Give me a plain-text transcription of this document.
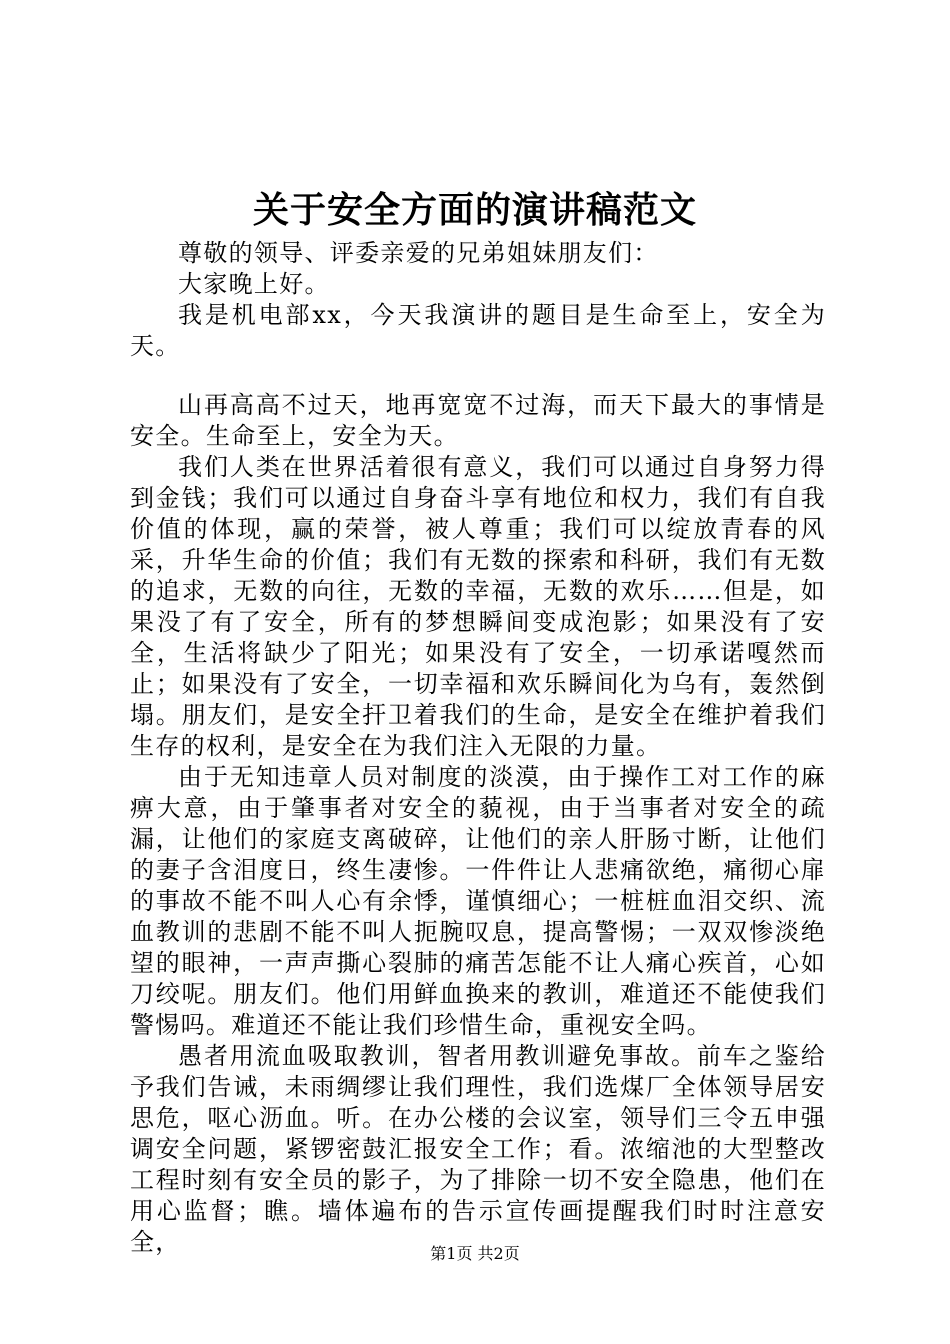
关于安全方面的演讲稿范文

尊敬的领导、评委亲爱的兄弟姐妹朋友们：

大家晚上好。

我是机电部xx，今天我演讲的题目是生命至上，安全为天。

山再高高不过天，地再宽宽不过海，而天下最大的事情是安全。生命至上，安全为天。

我们人类在世界活着很有意义，我们可以通过自身努力得到金钱；我们可以通过自身奋斗享有地位和权力，我们有自我价值的体现，赢的荣誉，被人尊重；我们可以绽放青春的风采，升华生命的价值；我们有无数的探索和科研，我们有无数的追求，无数的向往，无数的幸福，无数的欢乐……但是，如果没了有了安全，所有的梦想瞬间变成泡影；如果没有了安全，生活将缺少了阳光；如果没有了安全，一切承诺嘎然而止；如果没有了安全，一切幸福和欢乐瞬间化为乌有，轰然倒塌。朋友们，是安全扞卫着我们的生命，是安全在维护着我们生存的权利，是安全在为我们注入无限的力量。

由于无知违章人员对制度的淡漠，由于操作工对工作的麻痹大意，由于肇事者对安全的藐视，由于当事者对安全的疏漏，让他们的家庭支离破碎，让他们的亲人肝肠寸断，让他们的妻子含泪度日，终生凄惨。一件件让人悲痛欲绝，痛彻心扉的事故不能不叫人心有余悸，谨慎细心；一桩桩血泪交织、流血教训的悲剧不能不叫人扼腕叹息，提高警惕；一双双惨淡绝望的眼神，一声声撕心裂肺的痛苦怎能不让人痛心疾首，心如刀绞呢。朋友们。他们用鲜血换来的教训，难道还不能使我们警惕吗。难道还不能让我们珍惜生命，重视安全吗。

愚者用流血吸取教训，智者用教训避免事故。前车之鉴给予我们告诫，未雨绸缪让我们理性，我们选煤厂全体领导居安思危，呕心沥血。听。在办公楼的会议室，领导们三令五申强调安全问题，紧锣密鼓汇报安全工作；看。浓缩池的大型整改工程时刻有安全员的影子，为了排除一切不安全隐患，他们在用心监督；瞧。墙体遍布的告示宣传画提醒我们时时注意安全，	第1页 共2页
